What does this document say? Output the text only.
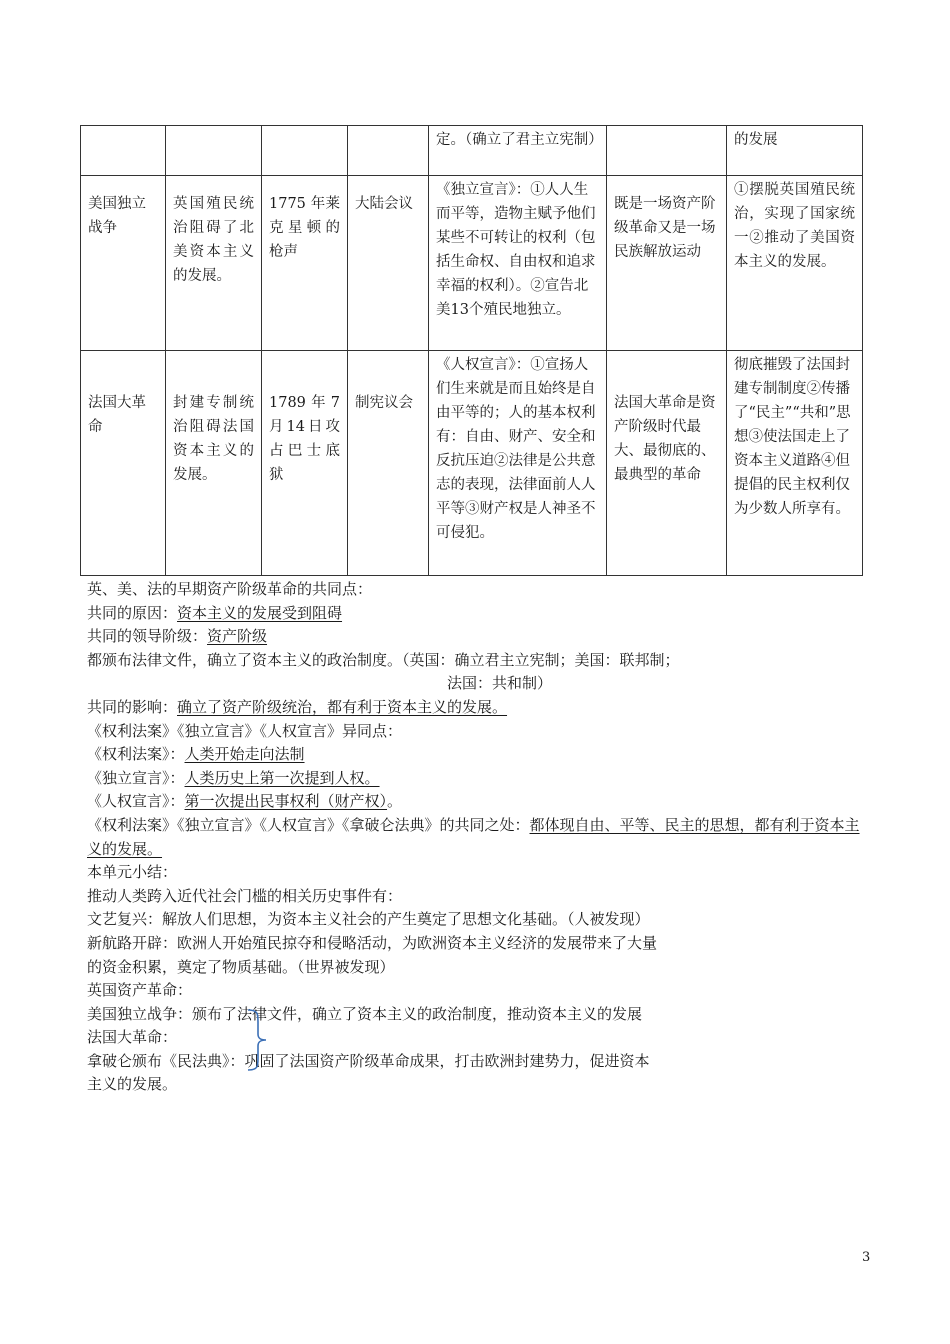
				定。（确立了君主立宪制）		的发展
美国独立战争	英国殖民统治阻碍了北美资本主义的发展。	1775 年莱克星顿的枪声	大陆会议	《独立宣言》：①人人生而平等，造物主赋予他们某些不可转让的权利（包括生命权、自由权和追求幸福的权利）。②宣告北美13个殖民地独立。	既是一场资产阶级革命又是一场民族解放运动	①摆脱英国殖民统治，实现了国家统一②推动了美国资本主义的发展。
法国大革命	封建专制统治阻碍法国资本主义的发展。	1789年7月14日攻占巴士底狱	制宪议会	《人权宣言》：①宣扬人们生来就是而且始终是自由平等的；人的基本权利有：自由、财产、安全和反抗压迫②法律是公共意志的表现，法律面前人人平等③财产权是人神圣不可侵犯。	法国大革命是资产阶级时代最大、最彻底的、最典型的革命	彻底摧毁了法国封建专制制度②传播了“民主”“共和”思想③使法国走上了资本主义道路④但提倡的民主权利仅为少数人所享有。
英、美、法的早期资产阶级革命的共同点：
共同的原因：资本主义的发展受到阻碍
共同的领导阶级：资产阶级
都颁布法律文件，确立了资本主义的政治制度。（英国：确立君主立宪制；美国：联邦制；
法国：共和制）
共同的影响：确立了资产阶级统治，都有利于资本主义的发展。
《权利法案》《独立宣言》《人权宣言》异同点：
《权利法案》：人类开始走向法制
《独立宣言》：人类历史上第一次提到人权。
《人权宣言》：第一次提出民事权利（财产权）。
《权利法案》《独立宣言》《人权宣言》《拿破仑法典》的共同之处：都体现自由、平等、民主的思想，都有利于资本主义的发展。
本单元小结：
推动人类跨入近代社会门槛的相关历史事件有：
文艺复兴：解放人们思想，为资本主义社会的产生奠定了思想文化基础。（人被发现）
新航路开辟：欧洲人开始殖民掠夺和侵略活动，为欧洲资本主义经济的发展带来了大量
的资金积累，奠定了物质基础。（世界被发现）
英国资产革命：
美国独立战争：颁布了法律文件，确立了资本主义的政治制度，推动资本主义的发展
法国大革命：
拿破仑颁布《民法典》：巩固了法国资产阶级革命成果，打击欧洲封建势力，促进资本
主义的发展。
3
